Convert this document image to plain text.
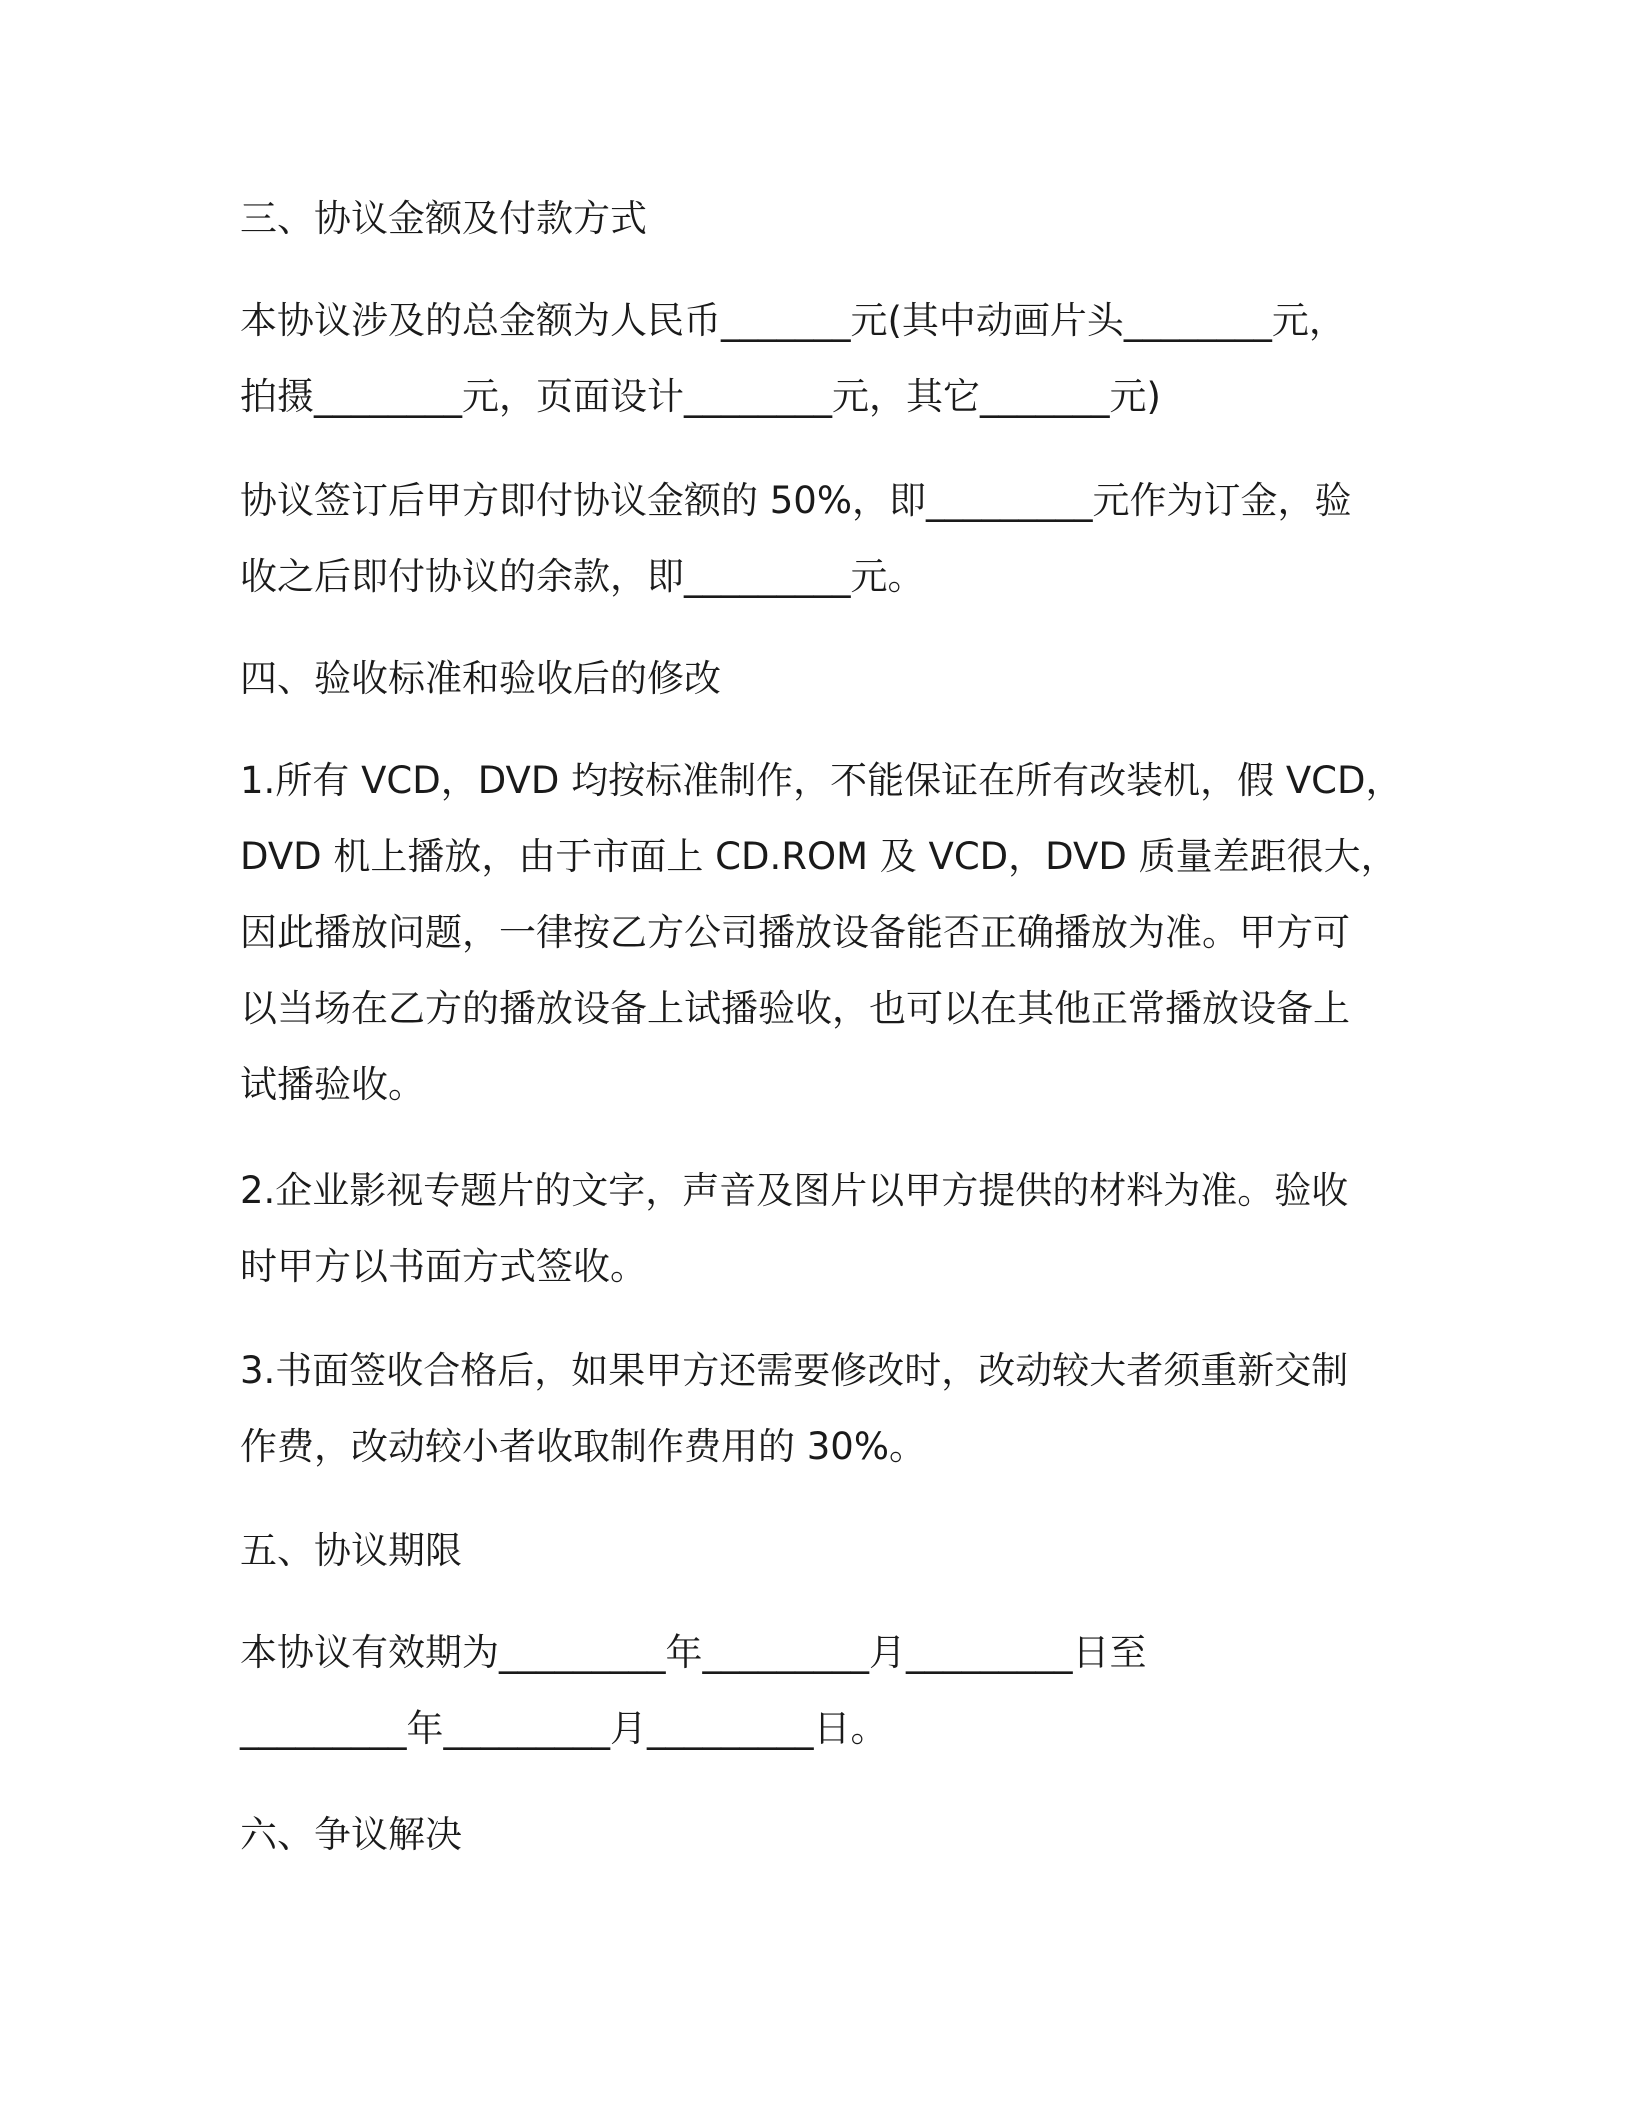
三、协议金额及付款方式
本协议涉及的总金额为人民币_______元(其中动画片头________元，
拍摄________元，页面设计________元，其它_______元)
协议签订后甲方即付协议金额的 50%，即_________元作为订金，验
收之后即付协议的余款，即_________元。
四、验收标准和验收后的修改
1.所有 VCD，DVD 均按标准制作，不能保证在所有改装机，假 VCD，
DVD 机上播放，由于市面上 CD.ROM 及 VCD，DVD 质量差距很大，
因此播放问题，一律按乙方公司播放设备能否正确播放为准。甲方可
以当场在乙方的播放设备上试播验收，也可以在其他正常播放设备上
试播验收。
2.企业影视专题片的文字，声音及图片以甲方提供的材料为准。验收
时甲方以书面方式签收。
3.书面签收合格后，如果甲方还需要修改时，改动较大者须重新交制
作费，改动较小者收取制作费用的 30%。
五、协议期限
本协议有效期为_________年_________月_________日至
_________年_________月_________日。
六、争议解决
